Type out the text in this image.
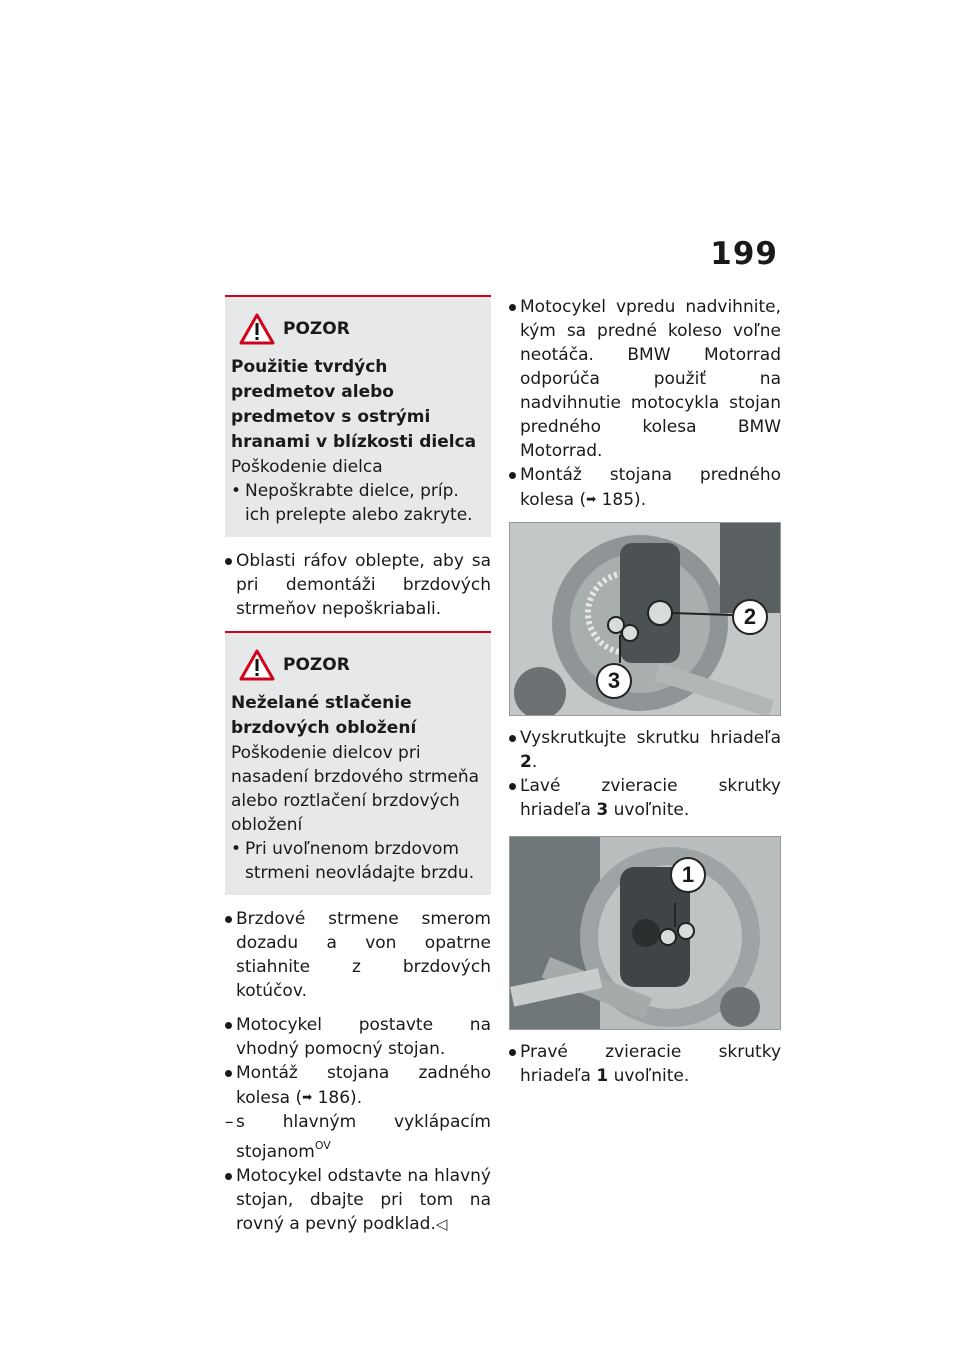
199
POZOR
Použitie tvrdých predmetov alebo predmetov s ostrými hranami v blízkosti dielca
Poškodenie dielca
• Nepoškrabte dielce, príp. ich prelepte alebo zakryte.
Oblasti ráfov oblepte, aby sa pri demontáži brzdových strmeňov nepoškriabali.
POZOR
Neželané stlačenie brzdových obložení
Poškodenie dielcov pri nasadení brzdového strmeňa alebo roztlačení brzdových obložení
• Pri uvoľnenom brzdovom strmeni neovládajte brzdu.
Brzdové strmene smerom dozadu a von opatrne stiahnite z brzdových kotúčov.
Motocykel postavte na vhodný pomocný stojan.
Montáž stojana zadného kolesa (➡ 186).
– s hlavným vyklápacím stojanom$^{OV}$
Motocykel odstavte na hlavný stojan, dbajte pri tom na rovný a pevný podklad.◁
Motocykel vpredu nadvihnite, kým sa predné koleso voľne neotáča. BMW Motorrad odporúča použiť na nadvihnutie motocykla stojan predného kolesa BMW Motorrad.
Montáž stojana predného kolesa (➡ 185).
2
3
Vyskrutkujte skrutku hriadeľa 2.
Ľavé zvieracie skrutky hriadeľa 3 uvoľnite.
1
Pravé zvieracie skrutky hriadeľa 1 uvoľnite.
